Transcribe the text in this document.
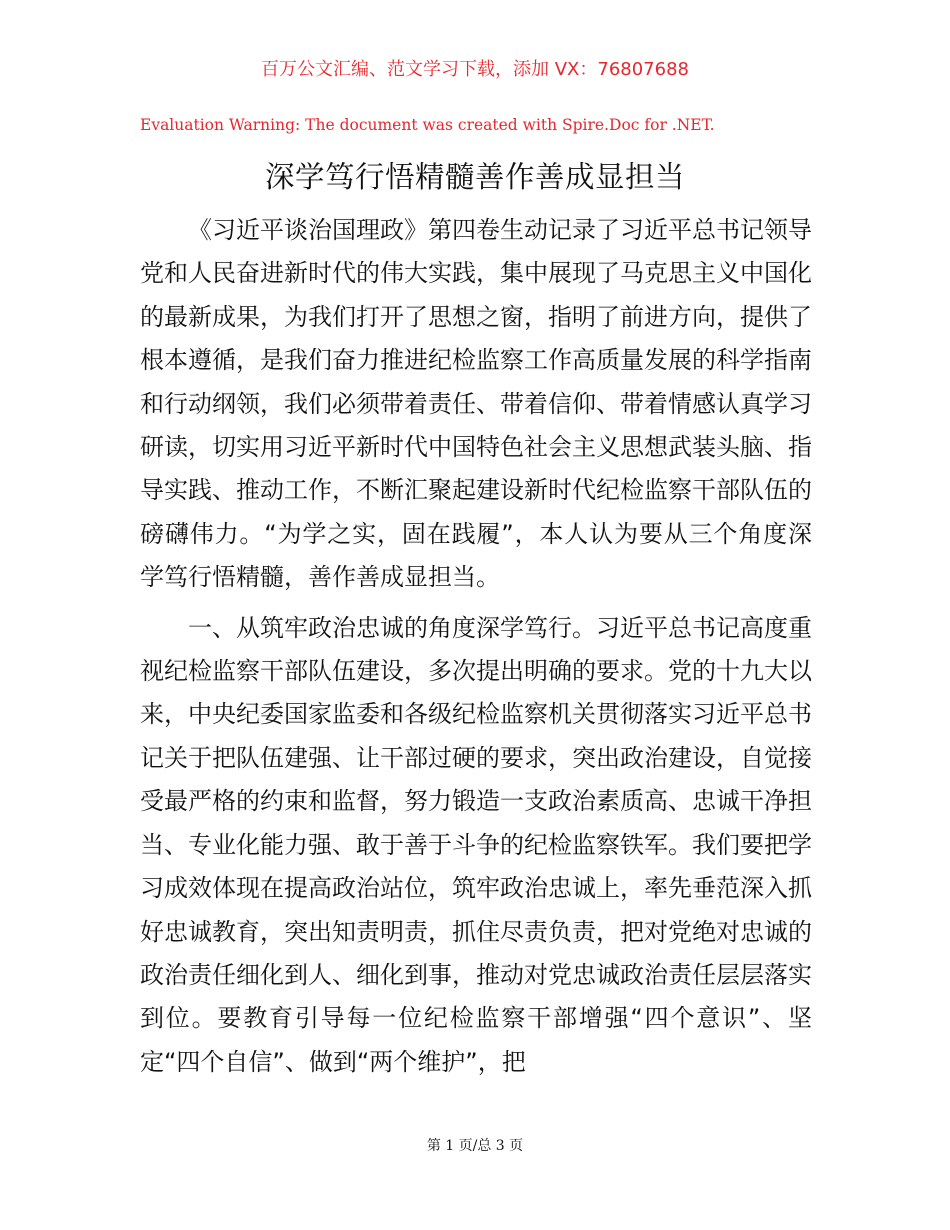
百万公文汇编、范文学习下载，添加 VX：76807688
Evaluation Warning: The document was created with Spire.Doc for .NET.
深学笃行悟精髓善作善成显担当

《习近平谈治国理政》第四卷生动记录了习近平总书记领导党和人民奋进新时代的伟大实践，集中展现了马克思主义中国化的最新成果，为我们打开了思想之窗，指明了前进方向，提供了根本遵循，是我们奋力推进纪检监察工作高质量发展的科学指南和行动纲领，我们必须带着责任、带着信仰、带着情感认真学习研读，切实用习近平新时代中国特色社会主义思想武装头脑、指导实践、推动工作，不断汇聚起建设新时代纪检监察干部队伍的磅礴伟力。“为学之实，固在践履”，本人认为要从三个角度深学笃行悟精髓，善作善成显担当。

一、从筑牢政治忠诚的角度深学笃行。习近平总书记高度重视纪检监察干部队伍建设，多次提出明确的要求。党的十九大以来，中央纪委国家监委和各级纪检监察机关贯彻落实习近平总书记关于把队伍建强、让干部过硬的要求，突出政治建设，自觉接受最严格的约束和监督，努力锻造一支政治素质高、忠诚干净担当、专业化能力强、敢于善于斗争的纪检监察铁军。我们要把学习成效体现在提高政治站位，筑牢政治忠诚上，率先垂范深入抓好忠诚教育，突出知责明责，抓住尽责负责，把对党绝对忠诚的政治责任细化到人、细化到事，推动对党忠诚政治责任层层落实到位。要教育引导每一位纪检监察干部增强“四个意识”、坚定“四个自信”、做到“两个维护”，把

第 1 页/总 3 页
